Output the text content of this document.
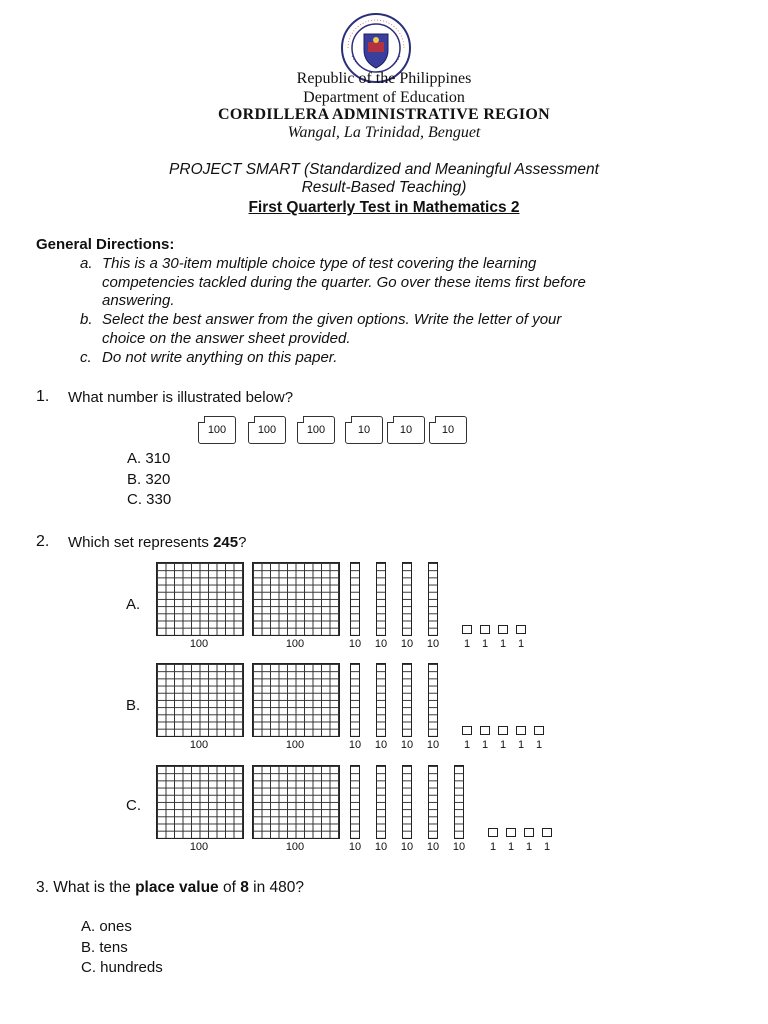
Republic of the Philippines
Department of Education
CORDILLERA ADMINISTRATIVE REGION
Wangal, La Trinidad, Benguet
PROJECT SMART (Standardized and Meaningful Assessment
Result-Based Teaching)
First Quarterly Test in Mathematics 2
General Directions:
a. This is a 30-item multiple choice type of test covering the learning
competencies tackled during the quarter. Go over these items first before
answering.
b. Select the best answer from the given options. Write the letter of your
choice on the answer sheet provided.
c. Do not write anything on this paper.
1. What number is illustrated below?
100	100	100	10	10	10
A. 310
B. 320
C. 330
2. Which set represents 245?
A.
100	100	10	10	10	10	1	1	1	1
B.
100	100	10	10	10	10	1	1	1	1	1
C.
100	100	10	10	10	10	10	1	1	1	1
3. What is the place value of 8 in 480?
A. ones
B. tens
C. hundreds
